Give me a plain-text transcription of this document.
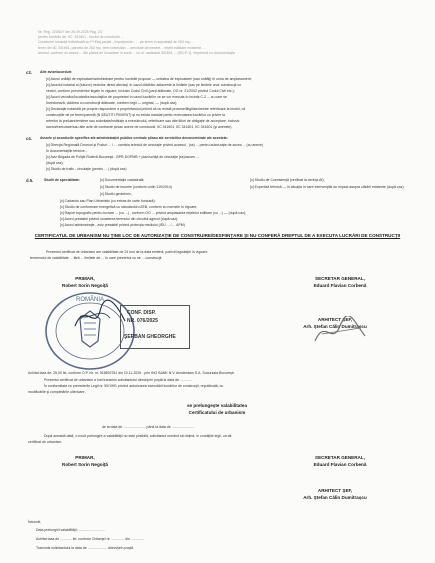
Nr. Reg. 32084/7 din 26.09.2025 Pag. 2/2
pentru lucrările de: IIC. 341601 - lucrări de construire ...
Construire locuinţă individuală cu P+Etaj parţial - împrejmuire - ... pe teren în suprafaţă de 263 mp...
teren din IIC 341601, parcela de 263 mp, teren intravilan ... servitute de trecere... reţele edilitare existente ...
drumul, conform cu anexa ... din planul de încadrare în zonă ... cu nr. cadastral 341601 ... (NS-P-1), împreună cu documentaţia
c3. Alte avize/acorduri:
[x] Avizul unităţii de exploatare/administrare pentru lucrările propuse — unitatea de exploatare/ (sau unităţi) în zona de amplasament;
[x] Acordul notarial al (tuturor) vecinilor direct afectaţi, în cazul clădirilor adiacente la limitele (sau pe limitele unor construcţii cu
vecinii, conform prevederilor legale în vigoare, inclusiv Codul Civil (parţi alăturate, OG nr. 21/2002 privind Codul Civil etc.);
[x] Acord vecinilor/locatarilor/asociaţiilor de proprietari în cazul lucrărilor ce se vor executa în incinta C.2 ... cu care se
învecinează, clădirea cu construcţii alăturate, conform legii — original, — (după caz);
[x] Declaraţie notarială pe proprie răspundere a proprietarului privind că nu există procese/litigii/sechestre referitoare la imobil, că
construcţiile de pe teren/parcelă (N SEUTITI PIIVIENT) şi nu exista mandat pentru executarea lucrărilor cu privire la
referitor la preluare/emitere sau autoritate/instituţie a executivului, referitoare sau alte titluri de obligaţie de acceptare, inclusiv
lucrari/executare/sau alte acte de contracte şi/sau anexe de constructii, IIC 341601, IIC 341601, IIC 341601 (şi anexele).
c4. Avizele şi acordurile specifice ale administraţiei publice centrale şi/sau ale serviciilor deconcentrate ale acesteia:
[x] Direcţia Regională Drumuri şi Poduri ... / ... comisia tehnică de circulaţie privind accesul - (ss) ... pentru autorizaţie de acces ... (cu anexe)
în documentaţiile tehnice...
[x] Aviz Brigada de Poliţie Rutieră Bucureşti - BPR-DGPMB + plan/schiţă de circulaţie (ss)/acces ...
(după caz);
[x] Studiu de trafic - circulaţie (pentru ... ) (după caz)
d.5.	Studii de specialitate:	[x] Documentaţie cadastrală;
[x] Studiu de insorire (conform ordin 119/2014)
[x] Studiu geotehnic;
[x] Studiu de Coexistenţă (verificat la cerinţa Af);
[x] Expertiză tehnică — în situaţia în care intervenţiile au impact asupra clădirii existente (după caz);
[x] Cadastru sau Plan Urbanistic (cu extras de carte funciară);
[x] Studiu de conformare energetică cu standardul nZEB, conform cu normele în vigoare;
[x] Raport topografic pentru lucrare ... (cu ...) , conform OG ... privind amplasarea reţelelor edilitare (cu ...) — (după caz);
[x] Acord prealabil privind scoaterea terenului din circuitul agricol (după caz);
[x] Acord administraţie - aviz prealabil privind protecţia mediului (ISU ... / ... APM)
CERTIFICATUL DE URBANISM NU ŢINE LOC DE AUTORIZAŢIE DE CONSTRUIRE/DESFIINŢARE ŞI NU CONFERĂ DREPTUL DE A EXECUTA LUCRĂRI DE CONSTRUCŢII
Prezentul certificat de urbanism are valabilitate de 24 luni de la data emiterii, potrivit legislaţiei în vigoare.
termenului de valabilitate ... fără ... limitele de ... în care prezentul nu se ... construcţii.
PRIMAR,
Robert Sorin Negoiţă
SECRETAR GENERAL,
Eduard Flavian Corbenă
ARHITECT ŞEF,
Arh. Ştefan Călin Dumitraşcu
ROMÂNIA
CONF. DISP.
NR. 076/2025
ŞERBAN GHEORGHE
Achitat taxa de: 25,00 lei, conform O.P. Nr. nr. 916892781 din 10.11.2025 - prin ING BANK N.V. Amsterdam S.A. Sucursala Bucureşti.
Prezentul certificat de urbanism a fost transmis solicitantului direct/prin poştă la data de ............
În conformitate cu prevederile Legii nr. 50/1991 privind autorizarea executării lucrărilor de construcţii, republicată, cu
modificările şi completările ulterioare,
se prelungeşte valabilitatea
Certificatului de urbanism
de la data de ....................... până la data de .......................
După această dată, o nouă prelungire a valabilităţii nu este posibilă, solicitantul urmând să obţină, în condiţiile legii, un alt
certificat de urbanism.
PRIMAR,
Robert Sorin Negoiţă
SECRETAR GENERAL,
Eduard Flavian Corbenă
ARHITECT ŞEF,
Arh. Ştefan Călin Dumitraşcu
Întocmit,
Data prelungirii valabilităţii: ...........................
Achitat taxa de ............ lei, conform Chitanţei nr. ............. din ..............
Transmis solicitantului la data de .................... direct/prin poştă.
